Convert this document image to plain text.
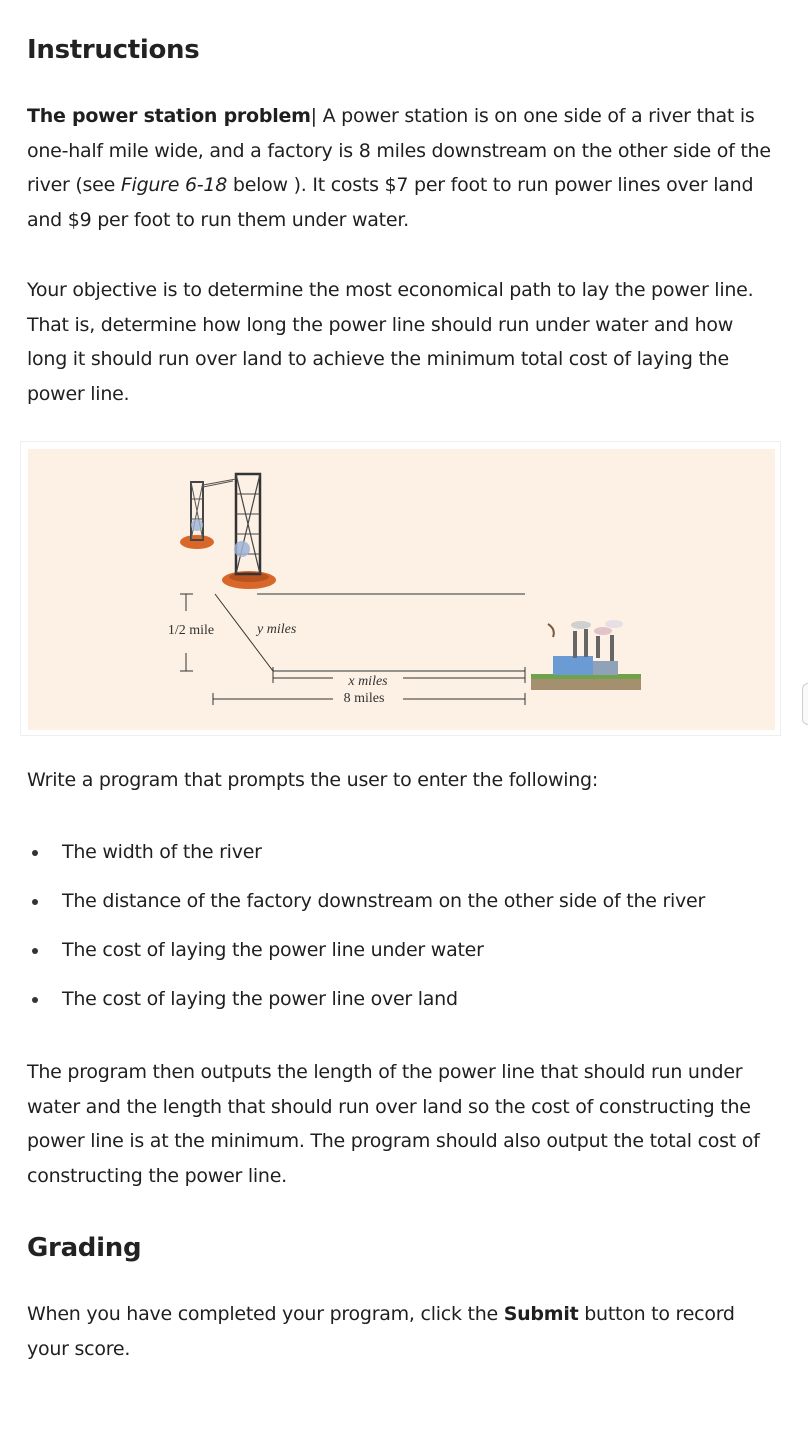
Instructions

The power station problem| A power station is on one side of a river that is one-half mile wide, and a factory is 8 miles downstream on the other side of the river (see Figure 6-18 below ). It costs $7 per foot to run power lines over land and $9 per foot to run them under water.

Your objective is to determine the most economical path to lay the power line. That is, determine how long the power line should run under water and how long it should run over land to achieve the minimum total cost of laying the power line.

Write a program that prompts the user to enter the following:

The width of the river
The distance of the factory downstream on the other side of the river
The cost of laying the power line under water
The cost of laying the power line over land

The program then outputs the length of the power line that should run under water and the length that should run over land so the cost of constructing the power line is at the minimum. The program should also output the total cost of constructing the power line.

Grading

When you have completed your program, click the Submit button to record your score.

1/2 mile	y miles
x miles
8 miles
